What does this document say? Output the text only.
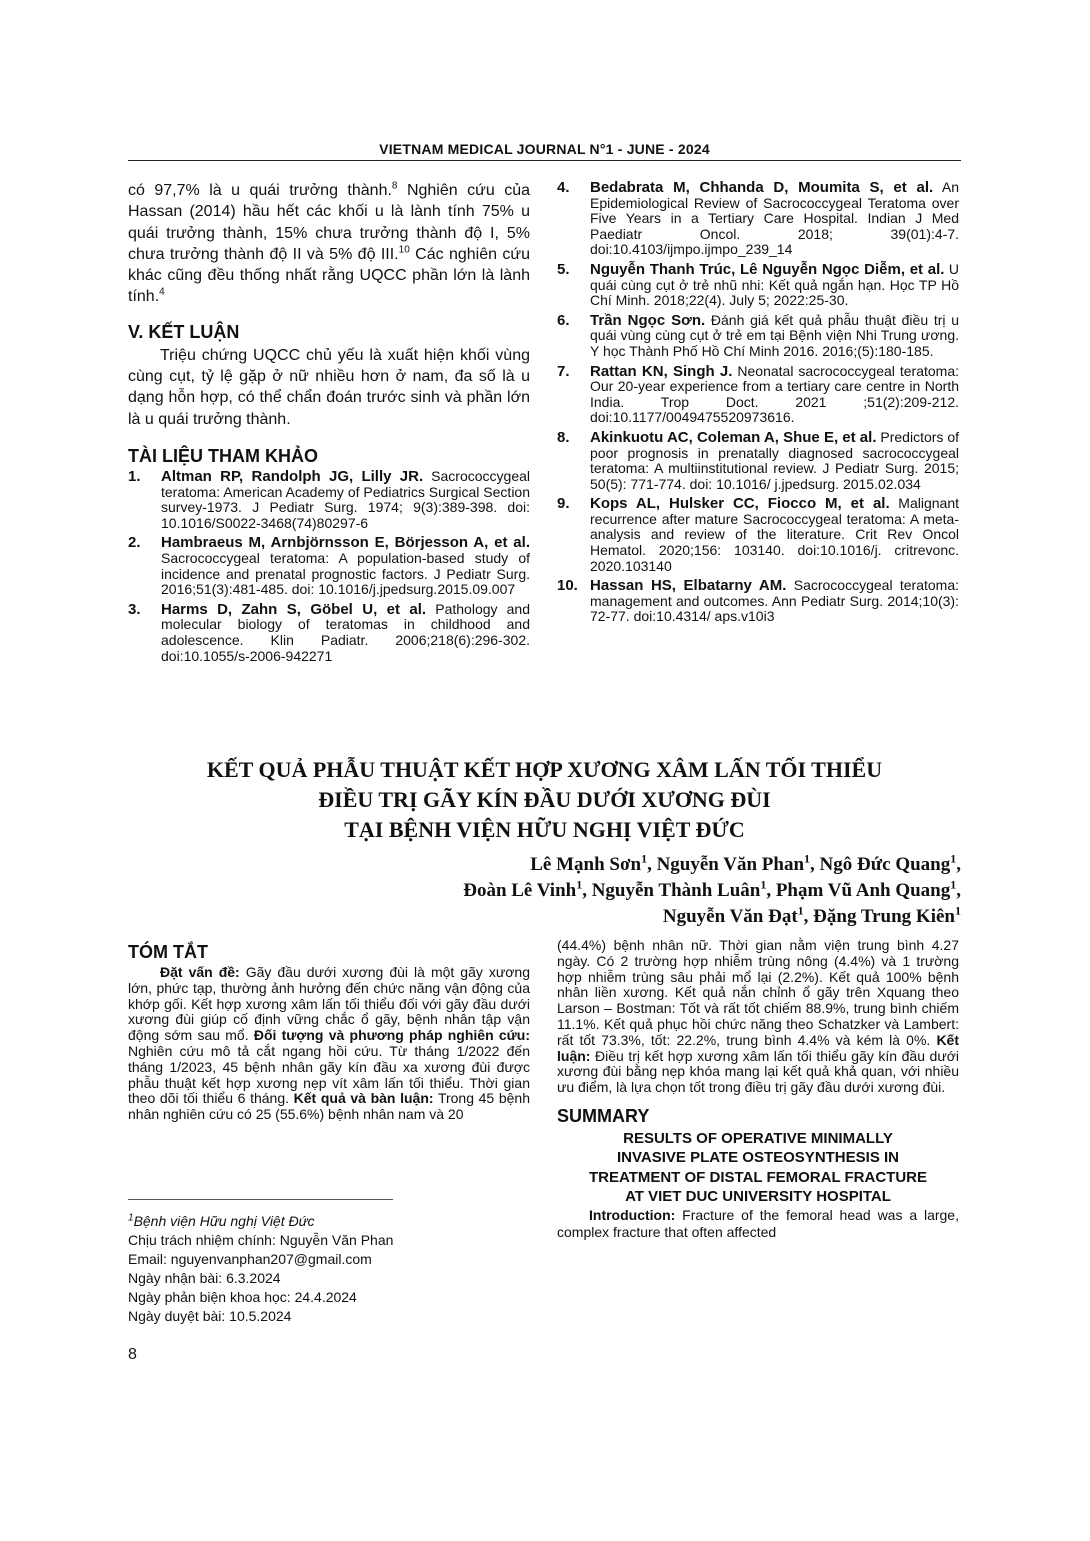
VIETNAM MEDICAL JOURNAL N°1 - JUNE - 2024

có 97,7% là u quái trưởng thành.$^8$ Nghiên cứu của Hassan (2014) hầu hết các khối u là lành tính 75% u quái trưởng thành, 15% chưa trưởng thành độ I, 5% chưa trưởng thành độ II và 5% độ III.$^{10}$ Các nghiên cứu khác cũng đều thống nhất rằng UQCC phần lớn là lành tính.$^4$

V. KẾT LUẬN

Triệu chứng UQCC chủ yếu là xuất hiện khối vùng cùng cụt, tỷ lệ gặp ở nữ nhiều hơn ở nam, đa số là u dạng hỗn hợp, có thể chẩn đoán trước sinh và phần lớn là u quái trưởng thành.

TÀI LIỆU THAM KHẢO
1.	Altman RP, Randolph JG, Lilly JR. Sacrococcygeal teratoma: American Academy of Pediatrics Surgical Section survey-1973. J Pediatr Surg. 1974; 9(3):389-398. doi: 10.1016/S0022-3468(74)80297-6
2.	Hambraeus M, Arnbjörnsson E, Börjesson A, et al. Sacrococcygeal teratoma: A population-based study of incidence and prenatal prognostic factors. J Pediatr Surg. 2016;51(3):481-485. doi: 10.1016/j.jpedsurg.2015.09.007
3.	Harms D, Zahn S, Göbel U, et al. Pathology and molecular biology of teratomas in childhood and adolescence. Klin Padiatr. 2006;218(6):296-302. doi:10.1055/s-2006-942271
4.	Bedabrata M, Chhanda D, Moumita S, et al. An Epidemiological Review of Sacrococcygeal Teratoma over Five Years in a Tertiary Care Hospital. Indian J Med Paediatr Oncol. 2018; 39(01):4-7. doi:10.4103/ijmpo.ijmpo_239_14
5.	Nguyễn Thanh Trúc, Lê Nguyễn Ngọc Diễm, et al. U quái cùng cụt ở trẻ nhũ nhi: Kết quả ngắn hạn. Học TP Hồ Chí Minh. 2018;22(4). July 5; 2022:25-30.
6.	Trần Ngọc Sơn. Đánh giá kết quả phẫu thuật điều trị u quái vùng cùng cụt ở trẻ em tại Bệnh viện Nhi Trung ương. Y học Thành Phố Hồ Chí Minh 2016. 2016;(5):180-185.
7.	Rattan KN, Singh J. Neonatal sacrococcygeal teratoma: Our 20-year experience from a tertiary care centre in North India. Trop Doct. 2021 ;51(2):209-212. doi:10.1177/0049475520973616.
8.	Akinkuotu AC, Coleman A, Shue E, et al. Predictors of poor prognosis in prenatally diagnosed sacrococcygeal teratoma: A multiinstitutional review. J Pediatr Surg. 2015; 50(5): 771-774. doi: 10.1016/ j.jpedsurg. 2015.02.034
9.	Kops AL, Hulsker CC, Fiocco M, et al. Malignant recurrence after mature Sacrococcygeal teratoma: A meta-analysis and review of the literature. Crit Rev Oncol Hematol. 2020;156: 103140. doi:10.1016/j. critrevonc. 2020.103140
10. Hassan HS, Elbatarny AM. Sacrococcygeal teratoma: management and outcomes. Ann Pediatr Surg. 2014;10(3): 72-77. doi:10.4314/ aps.v10i3
KẾT QUẢ PHẪU THUẬT KẾT HỢP XƯƠNG XÂM LẤN TỐI THIỂU
ĐIỀU TRỊ GÃY KÍN ĐẦU DƯỚI XƯƠNG ĐÙI
TẠI BỆNH VIỆN HỮU NGHỊ VIỆT ĐỨC
Lê Mạnh Sơn$^1$, Nguyễn Văn Phan$^1$, Ngô Đức Quang$^1$,
Đoàn Lê Vinh$^1$, Nguyễn Thành Luân$^1$, Phạm Vũ Anh Quang$^1$,
Nguyễn Văn Đạt$^1$, Đặng Trung Kiên$^1$
TÓM TẮT

Đặt vấn đề: Gãy đầu dưới xương đùi là một gãy xương lớn, phức tạp, thường ảnh hưởng đến chức năng vận động của khớp gối. Kết hợp xương xâm lấn tối thiểu đối với gãy đầu dưới xương đùi giúp cố định vững chắc ổ gãy, bệnh nhân tập vận động sớm sau mổ. Đối tượng và phương pháp nghiên cứu: Nghiên cứu mô tả cắt ngang hồi cứu. Từ tháng 1/2022 đến tháng 1/2023, 45 bệnh nhân gãy kín đầu xa xương đùi được phẫu thuật kết hợp xương nẹp vít xâm lấn tối thiểu. Thời gian theo dõi tối thiểu 6 tháng. Kết quả và bàn luận: Trong 45 bệnh nhân nghiên cứu có 25 (55.6%) bệnh nhân nam và 20

(44.4%) bệnh nhân nữ. Thời gian nằm viện trung bình 4.27 ngày. Có 2 trường hợp nhiễm trùng nông (4.4%) và 1 trường hợp nhiễm trùng sâu phải mổ lại (2.2%). Kết quả 100% bệnh nhân liền xương. Kết quả nắn chỉnh ổ gãy trên Xquang theo Larson – Bostman: Tốt và rất tốt chiếm 88.9%, trung bình chiếm 11.1%. Kết quả phục hồi chức năng theo Schatzker và Lambert: rất tốt 73.3%, tốt: 22.2%, trung bình 4.4% và kém là 0%. Kết luận: Điều trị kết hợp xương xâm lấn tối thiểu gãy kín đầu dưới xương đùi bằng nẹp khóa mang lại kết quả khả quan, với nhiều ưu điểm, là lựa chọn tốt trong điều trị gãy đầu dưới xương đùi.

SUMMARY
RESULTS OF OPERATIVE MINIMALLY
INVASIVE PLATE OSTEOSYNTHESIS IN
TREATMENT OF DISTAL FEMORAL FRACTURE
AT VIET DUC UNIVERSITY HOSPITAL

Introduction: Fracture of the femoral head was a large, complex fracture that often affected

$^1$Bệnh viện Hữu nghị Việt Đức
Chịu trách nhiệm chính: Nguyễn Văn Phan
Email: nguyenvanphan207@gmail.com
Ngày nhận bài: 6.3.2024
Ngày phản biện khoa học: 24.4.2024
Ngày duyệt bài: 10.5.2024
8
